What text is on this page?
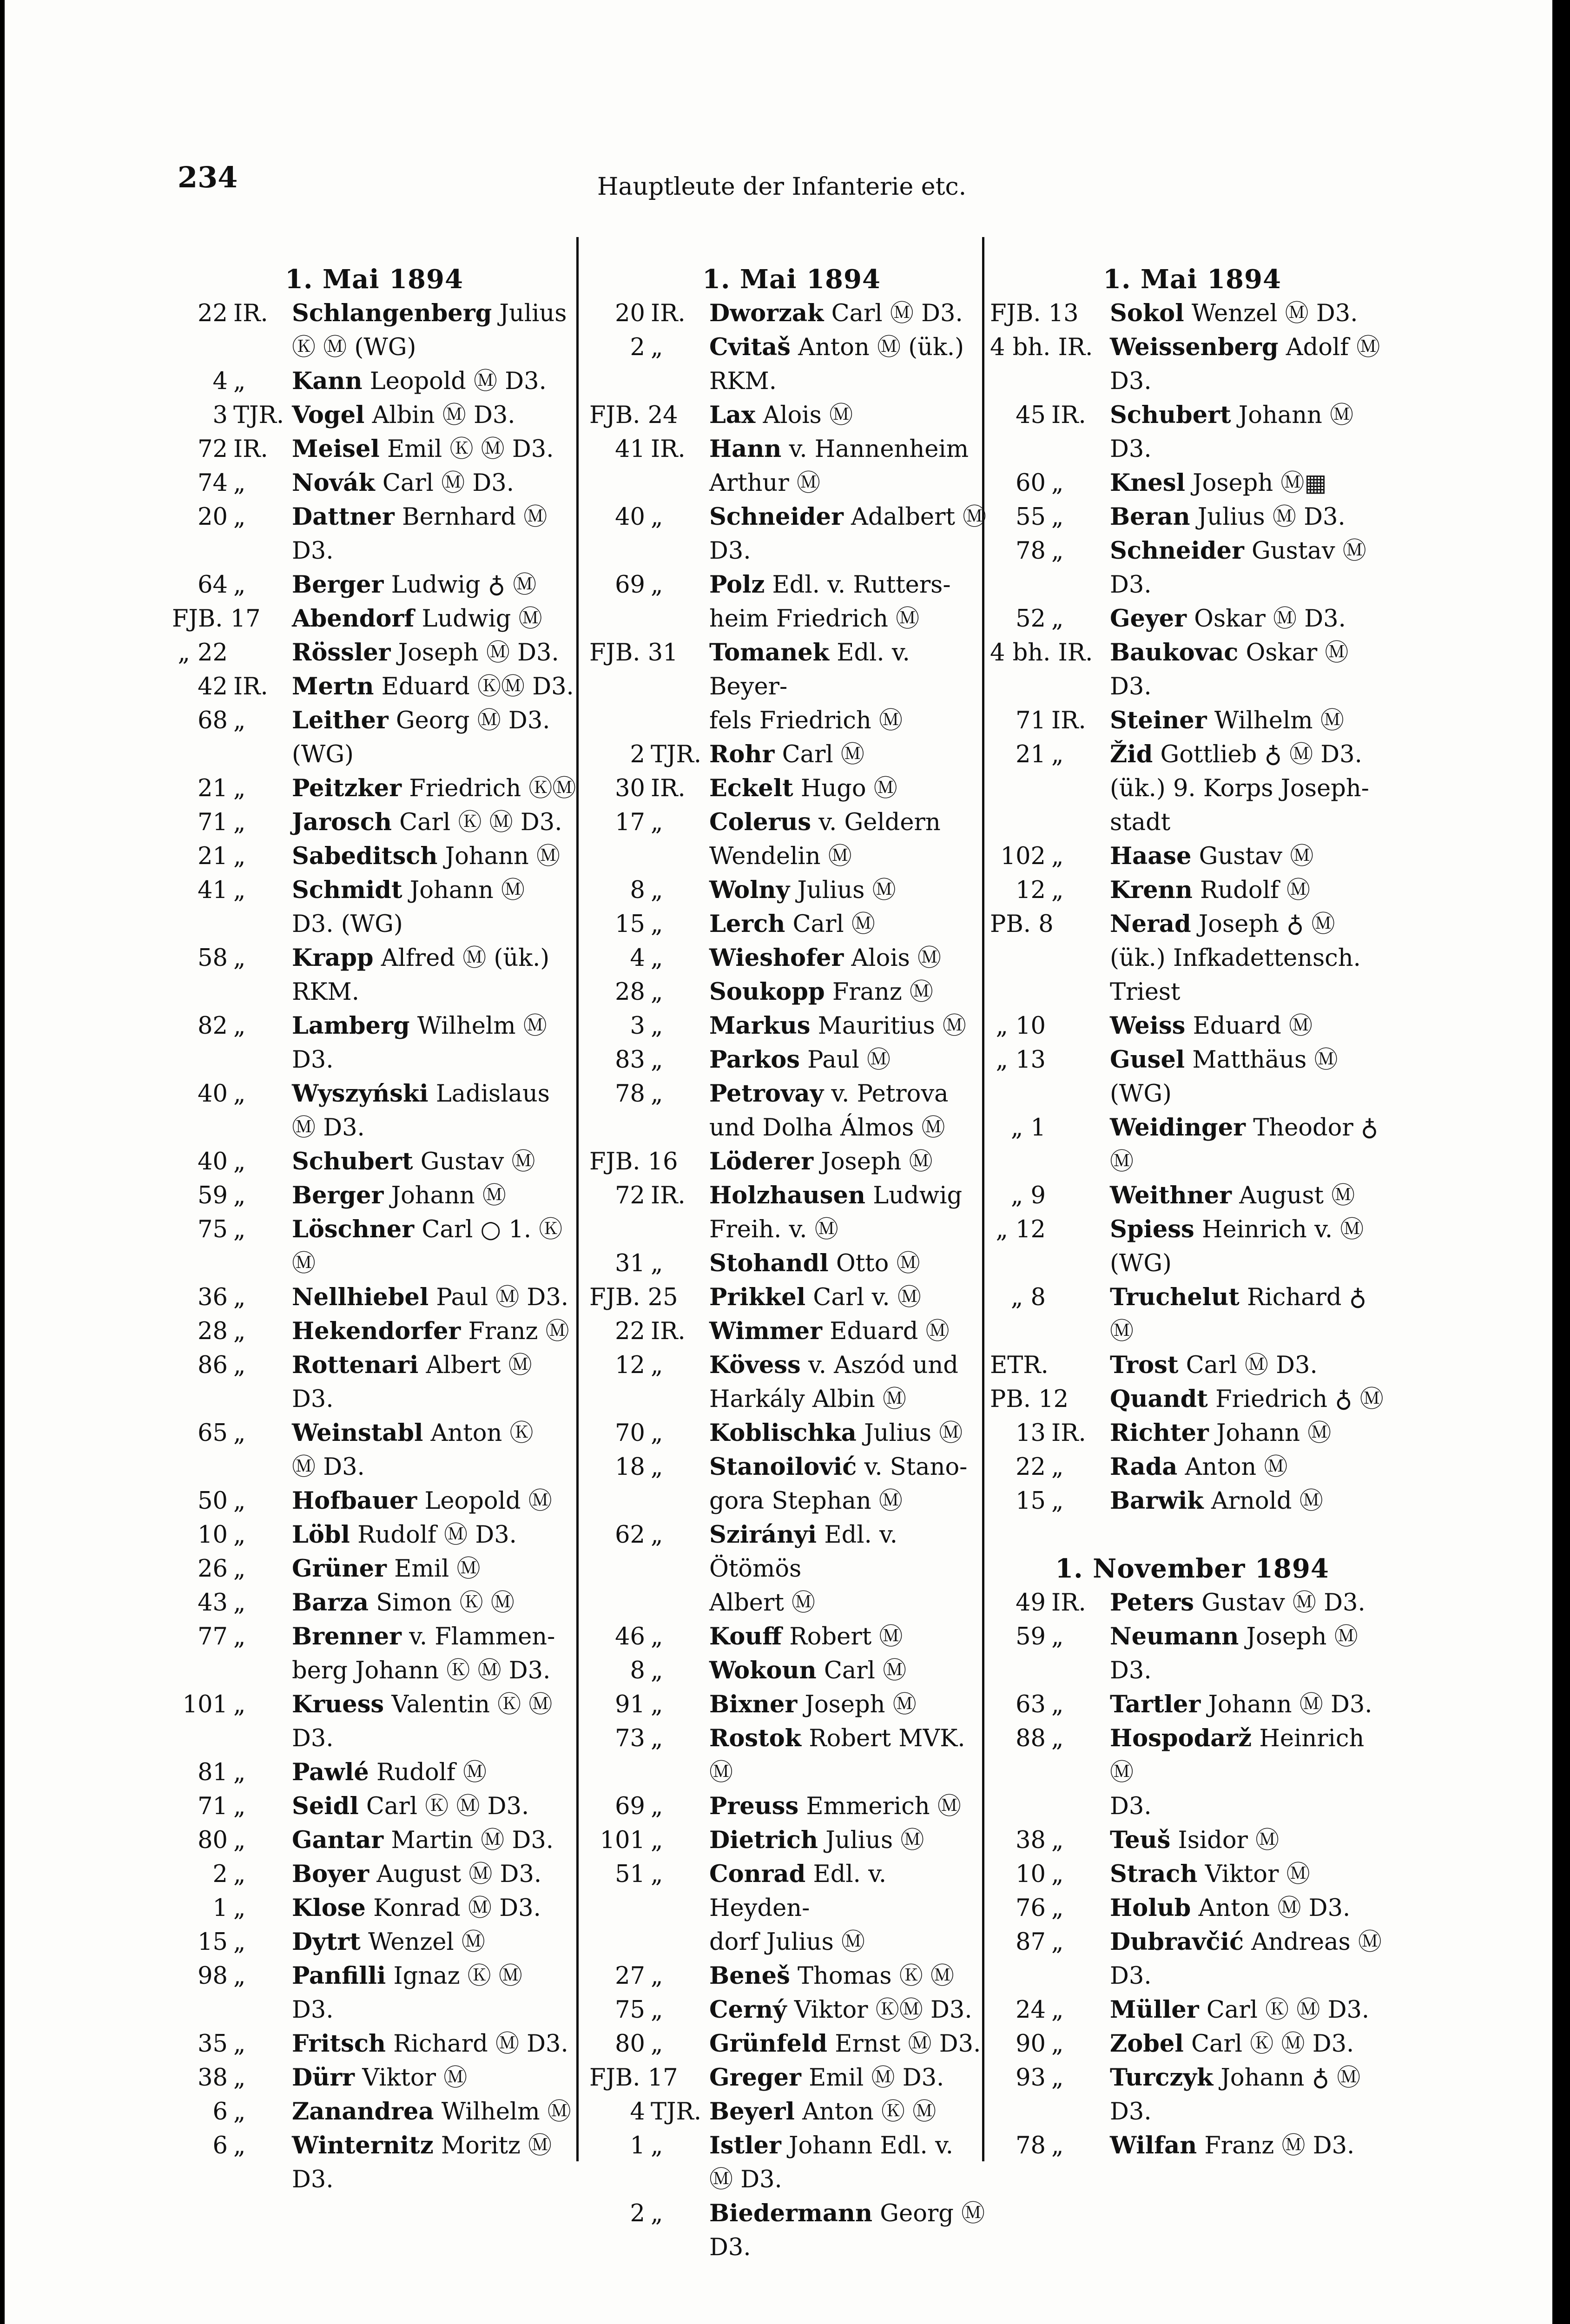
234	Hauptleute der Infanterie etc.
1. Mai 1894
22 IR.	Schlangenberg Julius
Ⓚ Ⓜ (WG)
4 „	Kann Leopold Ⓜ D3.
3 TJR. Vogel Albin Ⓜ D3.
72 IR.	Meisel Emil Ⓚ Ⓜ D3.
74 „	Novák Carl Ⓜ D3.
20 „	Dattner Bernhard Ⓜ
D3.
64 „	Berger Ludwig ♁ Ⓜ
FJB. 17 Abendorf Ludwig Ⓜ
„ 22	Rössler Joseph Ⓜ D3.
42 IR.	Mertn Eduard ⓀⓂ D3.
68 „	Leither Georg Ⓜ D3.
(WG)
21 „	Peitzker Friedrich ⓀⓂ
71 „	Jarosch Carl Ⓚ Ⓜ D3.
21 „	Sabeditsch Johann Ⓜ
41 „	Schmidt Johann Ⓜ
D3. (WG)
58 „	Krapp Alfred Ⓜ (ük.)
RKM.
82 „	Lamberg Wilhelm Ⓜ
D3.
40 „	Wyszyński Ladislaus
Ⓜ D3.
40 „	Schubert Gustav Ⓜ
59 „	Berger Johann Ⓜ
75 „	Löschner Carl ○ 1. Ⓚ
Ⓜ
36 „	Nellhiebel Paul Ⓜ D3.
28 „	Hekendorfer Franz Ⓜ
86 „	Rottenari Albert Ⓜ D3.
65 „	Weinstabl Anton Ⓚ
Ⓜ D3.
50 „	Hofbauer Leopold Ⓜ
10 „	Löbl Rudolf Ⓜ D3.
26 „	Grüner Emil Ⓜ
43 „	Barza Simon Ⓚ Ⓜ
77 „	Brenner v. Flammen-
berg Johann Ⓚ Ⓜ D3.
101 „	Kruess Valentin Ⓚ Ⓜ
D3.
81 „	Pawlé Rudolf Ⓜ
71 „	Seidl Carl Ⓚ Ⓜ D3.
80 „	Gantar Martin Ⓜ D3.
2 „	Boyer August Ⓜ D3.
1 „	Klose Konrad Ⓜ D3.
15 „	Dytrt Wenzel Ⓜ
98 „	Panfilli Ignaz Ⓚ Ⓜ
D3.
35 „	Fritsch Richard Ⓜ D3.
38 „	Dürr Viktor Ⓜ
6 „	Zanandrea Wilhelm Ⓜ
6 „	Winternitz Moritz Ⓜ
D3.
1. Mai 1894
20 IR.	Dworzak Carl Ⓜ D3.
2 „	Cvitaš Anton Ⓜ (ük.)
RKM.
FJB. 24 Lax Alois Ⓜ
41 IR.	Hann v. Hannenheim
Arthur Ⓜ
40 „	Schneider Adalbert Ⓜ
D3.
69 „	Polz Edl. v. Rutters-
heim Friedrich Ⓜ
FJB. 31 Tomanek Edl. v. Beyer-
fels Friedrich Ⓜ
2 TJR. Rohr Carl Ⓜ
30 IR.	Eckelt Hugo Ⓜ
17 „	Colerus v. Geldern
Wendelin Ⓜ
8 „	Wolny Julius Ⓜ
15 „	Lerch Carl Ⓜ
4 „	Wieshofer Alois Ⓜ
28 „	Soukopp Franz Ⓜ
3 „	Markus Mauritius Ⓜ
83 „	Parkos Paul Ⓜ
78 „	Petrovay v. Petrova
und Dolha Álmos Ⓜ
FJB. 16 Löderer Joseph Ⓜ
72 IR.	Holzhausen Ludwig
Freih. v. Ⓜ
31 „	Stohandl Otto Ⓜ
FJB. 25 Prikkel Carl v. Ⓜ
22 IR.	Wimmer Eduard Ⓜ
12 „	Kövess v. Aszód und
Harkály Albin Ⓜ
70 „	Koblischka Julius Ⓜ
18 „	Stanoilović v. Stano-
gora Stephan Ⓜ
62 „	Szirányi Edl. v. Ötömös
Albert Ⓜ
46 „	Kouff Robert Ⓜ
8 „	Wokoun Carl Ⓜ
91 „	Bixner Joseph Ⓜ
73 „	Rostok Robert MVK.
Ⓜ
69 „	Preuss Emmerich Ⓜ
101 „	Dietrich Julius Ⓜ
51 „	Conrad Edl. v. Heyden-
dorf Julius Ⓜ
27 „	Beneš Thomas Ⓚ Ⓜ
75 „	Cerný Viktor ⓀⓂ D3.
80 „	Grünfeld Ernst Ⓜ D3.
FJB. 17 Greger Emil Ⓜ D3.
4 TJR. Beyerl Anton Ⓚ Ⓜ
1 „	Istler Johann Edl. v.
Ⓜ D3.
2 „	Biedermann Georg Ⓜ
D3.
1. Mai 1894
FJB. 13 Sokol Wenzel Ⓜ D3.
4 bh. IR. Weissenberg Adolf Ⓜ
D3.
45 IR.	Schubert Johann Ⓜ
D3.
60 „	Knesl Joseph Ⓜ▦
55 „	Beran Julius Ⓜ D3.
78 „	Schneider Gustav Ⓜ
D3.
52 „	Geyer Oskar Ⓜ D3.
4 bh. IR. Baukovac Oskar Ⓜ
D3.
71 IR.	Steiner Wilhelm Ⓜ
21 „	Žid Gottlieb ♁ Ⓜ D3.
(ük.) 9. Korps Joseph-
stadt
102 „	Haase Gustav Ⓜ
12 „	Krenn Rudolf Ⓜ
PB. 8 Nerad Joseph ♁ Ⓜ
(ük.) Infkadettensch.
Triest
„ 10	Weiss Eduard Ⓜ
„ 13	Gusel Matthäus Ⓜ
(WG)
„ 1	Weidinger Theodor ♁
Ⓜ
„ 9	Weithner August Ⓜ
„ 12	Spiess Heinrich v. Ⓜ
(WG)
„ 8	Truchelut Richard ♁
Ⓜ
ETR.	Trost Carl Ⓜ D3.
PB. 12 Quandt Friedrich ♁ Ⓜ
13 IR.	Richter Johann Ⓜ
22 „	Rada Anton Ⓜ
15 „	Barwik Arnold Ⓜ
1. November 1894
49 IR.	Peters Gustav Ⓜ D3.
59 „	Neumann Joseph Ⓜ
D3.
63 „	Tartler Johann Ⓜ D3.
88 „	Hospodarž Heinrich Ⓜ
D3.
38 „	Teuš Isidor Ⓜ
10 „	Strach Viktor Ⓜ
76 „	Holub Anton Ⓜ D3.
87 „	Dubravčić Andreas Ⓜ
D3.
24 „	Müller Carl Ⓚ Ⓜ D3.
90 „	Zobel Carl Ⓚ Ⓜ D3.
93 „	Turczyk Johann ♁ Ⓜ
D3.
78 „	Wilfan Franz Ⓜ D3.
